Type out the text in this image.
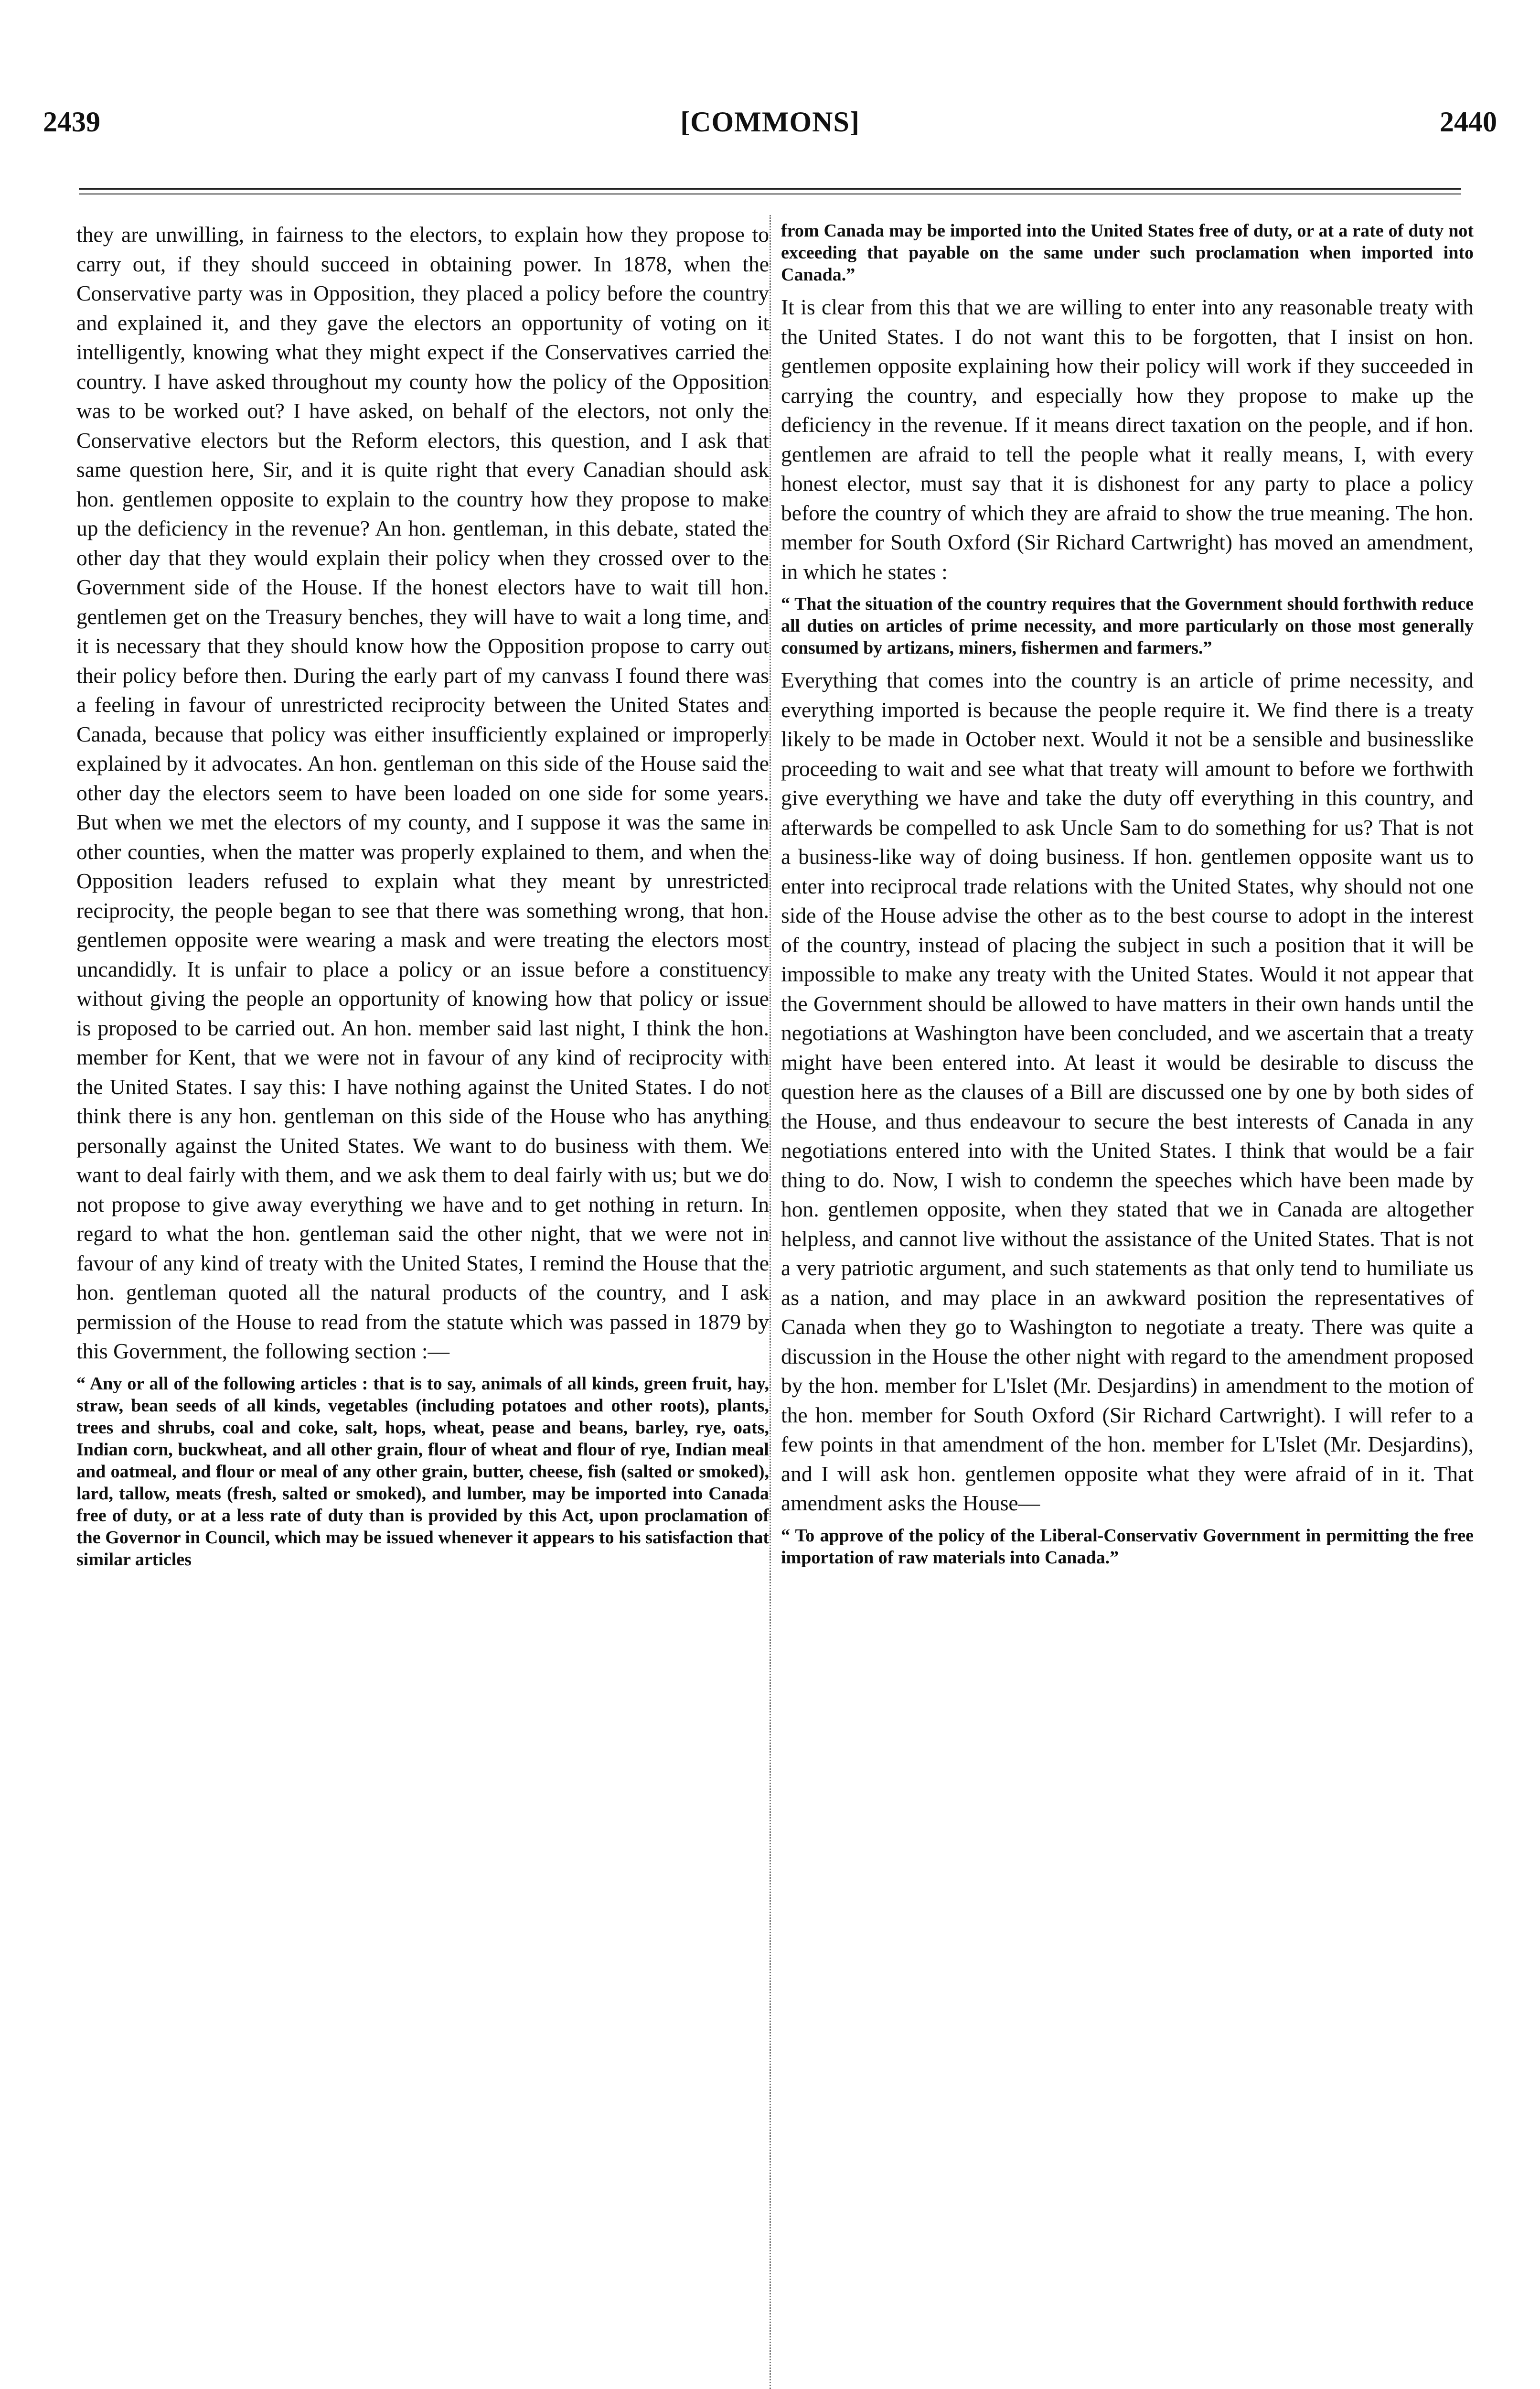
2439	[COMMONS]	2440

they are unwilling, in fairness to the electors, to explain how they propose to carry out, if they should succeed in obtaining power. In 1878, when the Conservative party was in Opposition, they placed a policy before the country and explained it, and they gave the electors an opportunity of voting on it intelligently, knowing what they might expect if the Conservatives carried the country. I have asked throughout my county how the policy of the Opposition was to be worked out? I have asked, on behalf of the electors, not only the Conservative electors but the Reform electors, this question, and I ask that same question here, Sir, and it is quite right that every Canadian should ask hon. gentlemen opposite to explain to the country how they propose to make up the deficiency in the revenue? An hon. gentleman, in this debate, stated the other day that they would explain their policy when they crossed over to the Government side of the House. If the honest electors have to wait till hon. gentlemen get on the Treasury benches, they will have to wait a long time, and it is necessary that they should know how the Opposition propose to carry out their policy before then. During the early part of my canvass I found there was a feeling in favour of unrestricted reciprocity between the United States and Canada, because that policy was either insufficiently explained or improperly explained by it advocates. An hon. gentleman on this side of the House said the other day the electors seem to have been loaded on one side for some years. But when we met the electors of my county, and I suppose it was the same in other counties, when the matter was properly explained to them, and when the Opposition leaders refused to explain what they meant by unrestricted reciprocity, the people began to see that there was something wrong, that hon. gentlemen opposite were wearing a mask and were treating the electors most uncandidly. It is unfair to place a policy or an issue before a constituency without giving the people an opportunity of knowing how that policy or issue is proposed to be carried out. An hon. member said last night, I think the hon. member for Kent, that we were not in favour of any kind of reciprocity with the United States. I say this: I have nothing against the United States. I do not think there is any hon. gentleman on this side of the House who has anything personally against the United States. We want to do business with them. We want to deal fairly with them, and we ask them to deal fairly with us; but we do not propose to give away everything we have and to get nothing in return. In regard to what the hon. gentleman said the other night, that we were not in favour of any kind of treaty with the United States, I remind the House that the hon. gentleman quoted all the natural products of the country, and I ask permission of the House to read from the statute which was passed in 1879 by this Government, the following section :—

“ Any or all of the following articles : that is to say, animals of all kinds, green fruit, hay, straw, bean seeds of all kinds, vegetables (including potatoes and other roots), plants, trees and shrubs, coal and coke, salt, hops, wheat, pease and beans, barley, rye, oats, Indian corn, buckwheat, and all other grain, flour of wheat and flour of rye, Indian meal and oatmeal, and flour or meal of any other grain, butter, cheese, fish (salted or smoked), lard, tallow, meats (fresh, salted or smoked), and lumber, may be imported into Canada free of duty, or at a less rate of duty than is provided by this Act, upon proclamation of the Governor in Council, which may be issued whenever it appears to his satisfaction that similar articles
from Canada may be imported into the United States free of duty, or at a rate of duty not exceeding that payable on the same under such proclamation when imported into Canada.”

It is clear from this that we are willing to enter into any reasonable treaty with the United States. I do not want this to be forgotten, that I insist on hon. gentlemen opposite explaining how their policy will work if they succeeded in carrying the country, and especially how they propose to make up the deficiency in the revenue. If it means direct taxation on the people, and if hon. gentlemen are afraid to tell the people what it really means, I, with every honest elector, must say that it is dishonest for any party to place a policy before the country of which they are afraid to show the true meaning. The hon. member for South Oxford (Sir Richard Cartwright) has moved an amendment, in which he states :

“ That the situation of the country requires that the Government should forthwith reduce all duties on articles of prime necessity, and more particularly on those most generally consumed by artizans, miners, fishermen and farmers.”

Everything that comes into the country is an article of prime necessity, and everything imported is because the people require it. We find there is a treaty likely to be made in October next. Would it not be a sensible and businesslike proceeding to wait and see what that treaty will amount to before we forthwith give everything we have and take the duty off everything in this country, and afterwards be compelled to ask Uncle Sam to do something for us? That is not a business-like way of doing business. If hon. gentlemen opposite want us to enter into reciprocal trade relations with the United States, why should not one side of the House advise the other as to the best course to adopt in the interest of the country, instead of placing the subject in such a position that it will be impossible to make any treaty with the United States. Would it not appear that the Government should be allowed to have matters in their own hands until the negotiations at Washington have been concluded, and we ascertain that a treaty might have been entered into. At least it would be desirable to discuss the question here as the clauses of a Bill are discussed one by one by both sides of the House, and thus endeavour to secure the best interests of Canada in any negotiations entered into with the United States. I think that would be a fair thing to do. Now, I wish to condemn the speeches which have been made by hon. gentlemen opposite, when they stated that we in Canada are altogether helpless, and cannot live without the assistance of the United States. That is not a very patriotic argument, and such statements as that only tend to humiliate us as a nation, and may place in an awkward position the representatives of Canada when they go to Washington to negotiate a treaty. There was quite a discussion in the House the other night with regard to the amendment proposed by the hon. member for L'Islet (Mr. Desjardins) in amendment to the motion of the hon. member for South Oxford (Sir Richard Cartwright). I will refer to a few points in that amendment of the hon. member for L'Islet (Mr. Desjardins), and I will ask hon. gentlemen opposite what they were afraid of in it. That amendment asks the House—

“ To approve of the policy of the Liberal-Conservativ Government in permitting the free importation of raw materials into Canada.”
